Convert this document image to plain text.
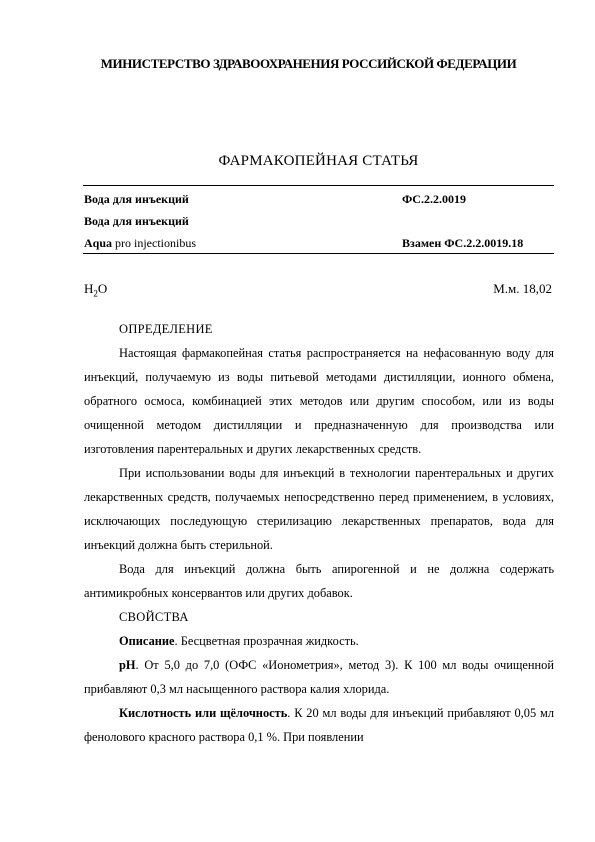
МИНИСТЕРСТВО ЗДРАВООХРАНЕНИЯ РОССИЙСКОЙ ФЕДЕРАЦИИ
ФАРМАКОПЕЙНАЯ СТАТЬЯ
Вода для инъекций	ФС.2.2.0019
Вода для инъекций
Aqua pro injectionibus	Взамен ФС.2.2.0019.18
$H_2O$	М.м. 18,02

ОПРЕДЕЛЕНИЕ

Настоящая фармакопейная статья распространяется на нефасованную воду для инъекций, получаемую из воды питьевой методами дистилляции, ионного обмена, обратного осмоса, комбинацией этих методов или другим способом, или из воды очищенной методом дистилляции и предназначенную для производства или изготовления парентеральных и других лекарственных средств.

При использовании воды для инъекций в технологии парентеральных и других лекарственных средств, получаемых непосредственно перед применением, в условиях, исключающих последующую стерилизацию лекарственных препаратов, вода для инъекций должна быть стерильной.

Вода для инъекций должна быть апирогенной и не должна содержать антимикробных консервантов или других добавок.

СВОЙСТВА

Описание. Бесцветная прозрачная жидкость.

pH. От 5,0 до 7,0 (ОФС «Ионометрия», метод 3). К 100 мл воды очищенной прибавляют 0,3 мл насыщенного раствора калия хлорида.

Кислотность или щёлочность. К 20 мл воды для инъекций прибавляют 0,05 мл фенолового красного раствора 0,1 %. При появлении
